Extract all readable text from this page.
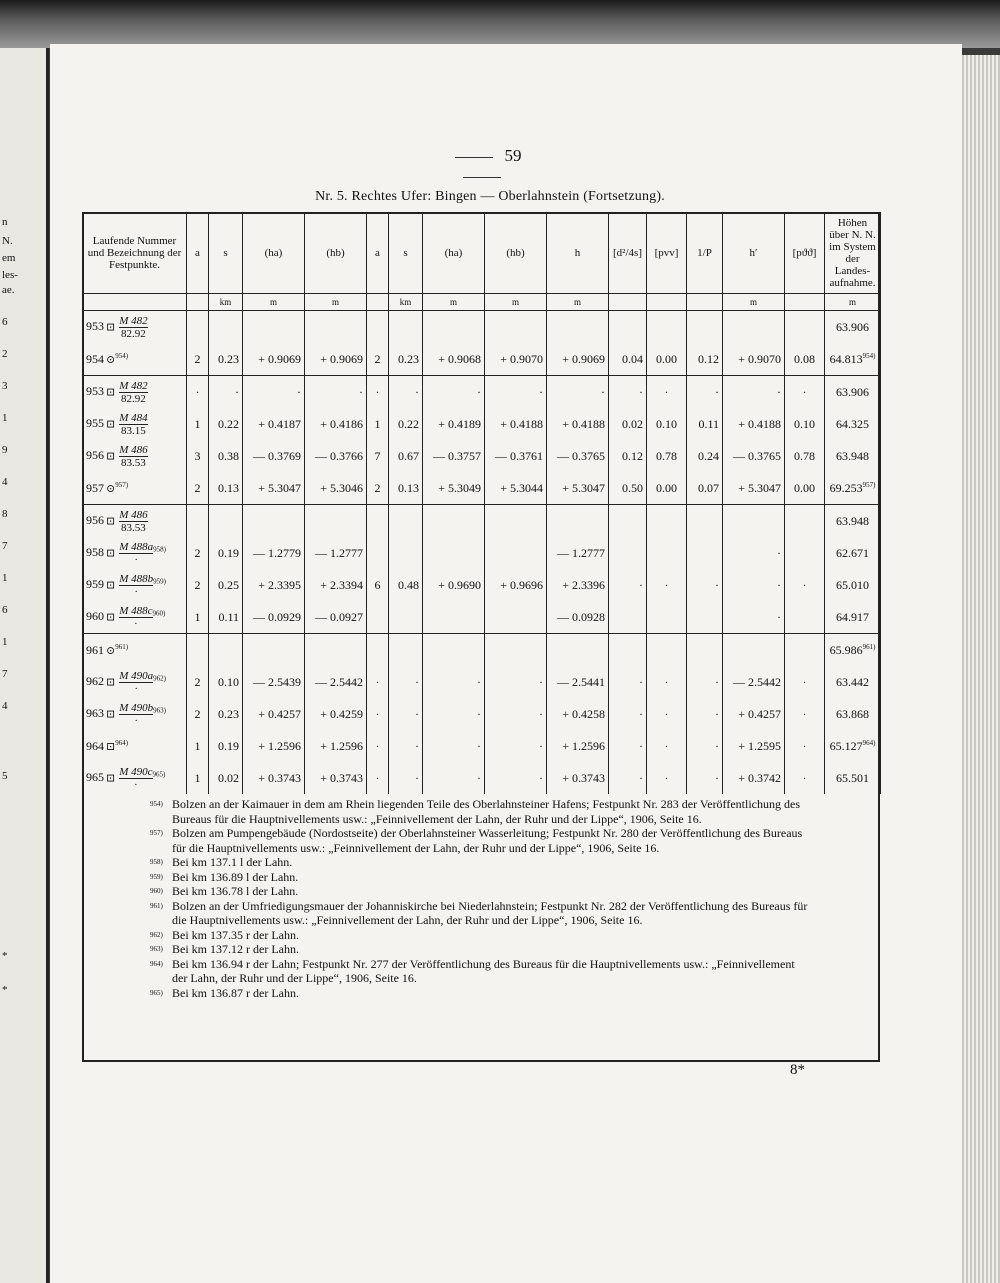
n
N.
em
les-
ae.
6
2
3
1
9
4
8
7
1
6
1
7
4
5
*
*
59
Nr. 5. Rechtes Ufer: Bingen — Oberlahnstein (Fortsetzung).
Laufende Nummer und Bezeichnung der Festpunkte.	a	s	(ha)	(hb)	a	s	(ha)	(hb)	h	[d²/4s]	[pvv]	1/P	h′	[pϑϑ]	Höhen über N. N. im System der Landes-aufnahme.
		km	m	m		km	m	m	m				m		m
953 ⊡ $\frac{M 482}{82.92}$															63.906
954 ⊙$^{954)}$	2	0.23	+ 0.9069	+ 0.9069	2	0.23	+ 0.9068	+ 0.9070	+ 0.9069	0.04	0.00	0.12	+ 0.9070	0.08	64.813$^{954)}$
953 ⊡ $\frac{M 482}{82.92}$	·	·	·	·	·	·	·	·	·	·	·	·	·	·	63.906
955 ⊡ $\frac{M 484}{83.15}$	1	0.22	+ 0.4187	+ 0.4186	1	0.22	+ 0.4189	+ 0.4188	+ 0.4188	0.02	0.10	0.11	+ 0.4188	0.10	64.325
956 ⊡ $\frac{M 486}{83.53}$	3	0.38	— 0.3769	— 0.3766	7	0.67	— 0.3757	— 0.3761	— 0.3765	0.12	0.78	0.24	— 0.3765	0.78	63.948
957 ⊙$^{957)}$	2	0.13	+ 5.3047	+ 5.3046	2	0.13	+ 5.3049	+ 5.3044	+ 5.3047	0.50	0.00	0.07	+ 5.3047	0.00	69.253$^{957)}$
956 ⊡ $\frac{M 486}{83.53}$															63.948
958 ⊡ $\frac{M 488a}{\cdot} ^{958)}$	2	0.19	— 1.2779	— 1.2777					— 1.2777				·		62.671
959 ⊡ $\frac{M 488b}{\cdot} ^{959)}$	2	0.25	+ 2.3395	+ 2.3394	6	0.48	+ 0.9690	+ 0.9696	+ 2.3396	·	·	·	·	·	65.010
960 ⊡ $\frac{M 488c}{\cdot} ^{960)}$	1	0.11	— 0.0929	— 0.0927					— 0.0928				·		64.917
961 ⊙$^{961)}$															65.986$^{961)}$
962 ⊡ $\frac{M 490a}{\cdot} ^{962)}$	2	0.10	— 2.5439	— 2.5442	·	·	·	·	— 2.5441	·	·	·	— 2.5442	·	63.442
963 ⊡ $\frac{M 490b}{\cdot} ^{963)}$	2	0.23	+ 0.4257	+ 0.4259	·	·	·	·	+ 0.4258	·	·	·	+ 0.4257	·	63.868
964 ⊡$^{964)}$	1	0.19	+ 1.2596	+ 1.2596	·	·	·	·	+ 1.2596	·	·	·	+ 1.2595	·	$65.127^{964)}$
965 ⊡ $\frac{M 490c}{\cdot} ^{965)}$	1	0.02	+ 0.3743	+ 0.3743	·	·	·	·	+ 0.3743	·	·	·	+ 0.3742	·	65.501

954) Bolzen an der Kaimauer in dem am Rhein liegenden Teile des Oberlahnsteiner Hafens; Festpunkt Nr. 283 der Veröffentlichung des Bureaus für die Hauptnivellements usw.: „Feinnivellement der Lahn, der Ruhr und der Lippe“, 1906, Seite 16.

957) Bolzen am Pumpengebäude (Nordostseite) der Oberlahnsteiner Wasserleitung; Festpunkt Nr. 280 der Veröffentlichung des Bureaus für die Hauptnivellements usw.: „Feinnivellement der Lahn, der Ruhr und der Lippe“, 1906, Seite 16.

958) Bei km 137.1 l der Lahn.

959) Bei km 136.89 l der Lahn.

960) Bei km 136.78 l der Lahn.

961) Bolzen an der Umfriedigungsmauer der Johanniskirche bei Niederlahnstein; Festpunkt Nr. 282 der Veröffentlichung des Bureaus für die Hauptnivellements usw.: „Feinnivellement der Lahn, der Ruhr und der Lippe“, 1906, Seite 16.

962) Bei km 137.35 r der Lahn.

963) Bei km 137.12 r der Lahn.

964) Bei km 136.94 r der Lahn; Festpunkt Nr. 277 der Veröffentlichung des Bureaus für die Hauptnivellements usw.: „Feinnivellement der Lahn, der Ruhr und der Lippe“, 1906, Seite 16.

965) Bei km 136.87 r der Lahn.

8*
